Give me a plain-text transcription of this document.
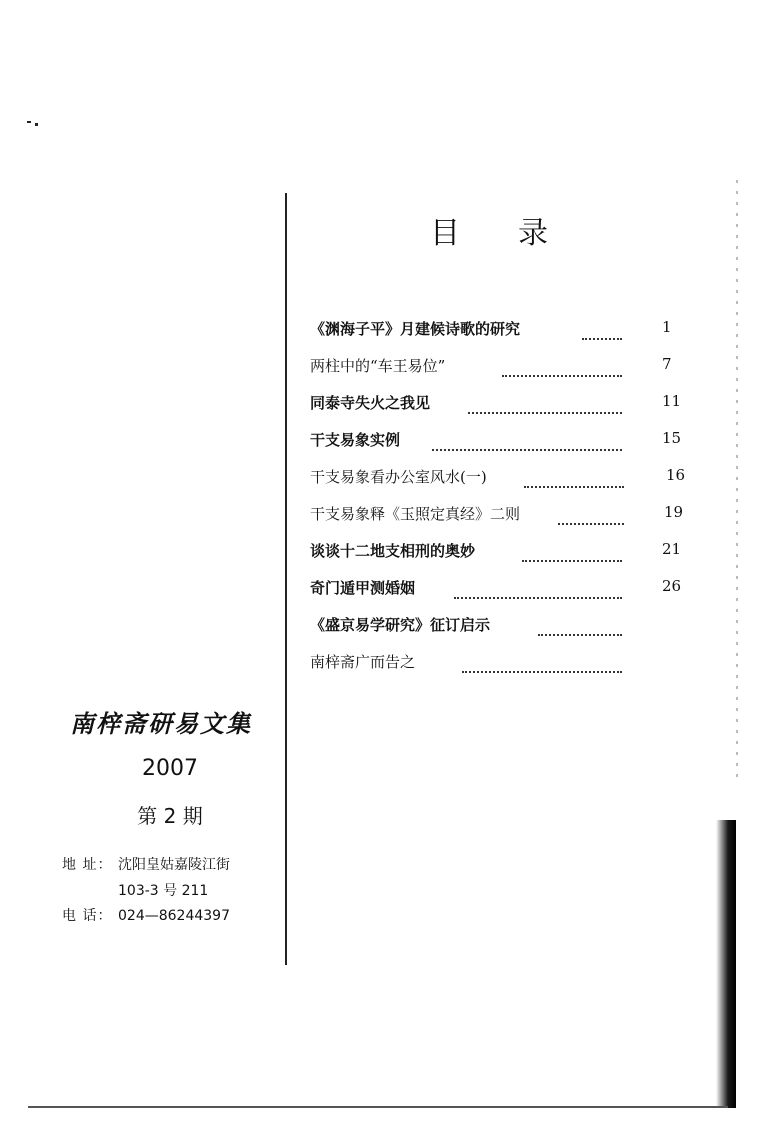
南梓斋研易文集
2007
第 2 期
地 址： 沈阳皇姑嘉陵江街
103-3 号 211
电 话： 024—86244397
目 录
《渊海子平》月建候诗歌的研究	1
两柱中的“车王易位”	7
同泰寺失火之我见	11
干支易象实例	15
干支易象看办公室风水(一)	16
干支易象释《玉照定真经》二则	19
谈谈十二地支相刑的奥妙	21
奇门遁甲测婚姻	26
《盛京易学研究》征订启示
南梓斋广而告之
